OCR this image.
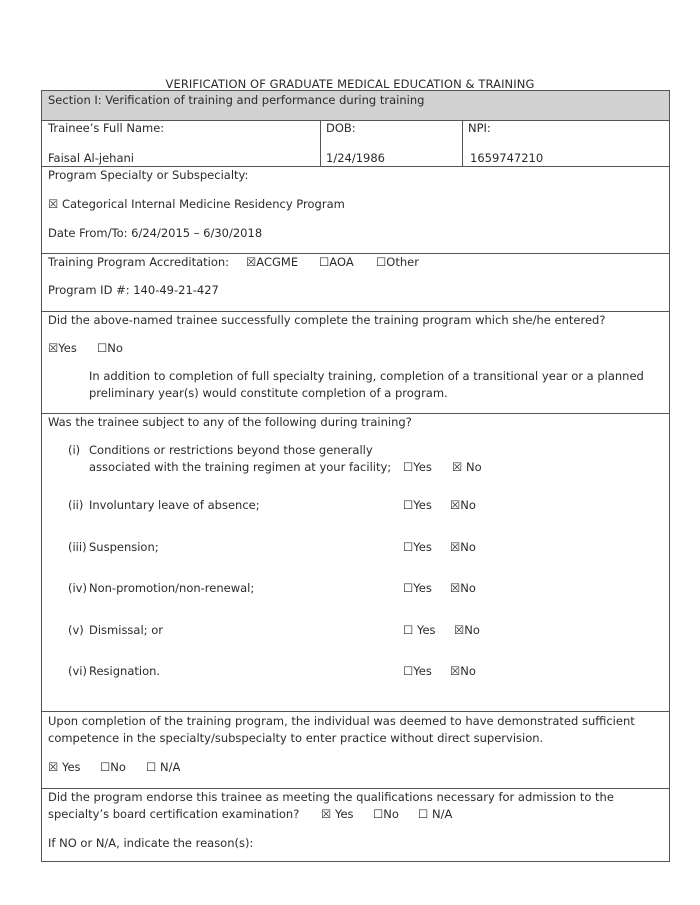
VERIFICATION OF GRADUATE MEDICAL EDUCATION & TRAINING
Section I: Verification of training and performance during training
Trainee’s Full Name:
Faisal Al-jehani
DOB:
1/24/1986
NPI:
1659747210
Program Specialty or Subspecialty:
☒ Categorical Internal Medicine Residency Program
Date From/To: 6/24/2015 – 6/30/2018
Training Program Accreditation: ☒ACGME ☐AOA ☐Other
Program ID #: 140-49-21-427
Did the above-named trainee successfully complete the training program which she/he entered?
☒Yes ☐No
In addition to completion of full specialty training, completion of a transitional year or a planned
preliminary year(s) would constitute completion of a program.
Was the trainee subject to any of the following during training?
(i) Conditions or restrictions beyond those generally
associated with the training regimen at your facility; ☐Yes ☒ No
(ii) Involuntary leave of absence;	☐Yes ☒No
(iii) Suspension;	☐Yes ☒No
(iv) Non-promotion/non-renewal;	☐Yes ☒No
(v) Dismissal; or	☐ Yes ☒No
(vi) Resignation.	☐Yes ☒No
Upon completion of the training program, the individual was deemed to have demonstrated sufficient
competence in the specialty/subspecialty to enter practice without direct supervision.
☒ Yes ☐No ☐ N/A
Did the program endorse this trainee as meeting the qualifications necessary for admission to the
specialty’s board certification examination? ☒ Yes ☐No ☐ N/A
If NO or N/A, indicate the reason(s):
